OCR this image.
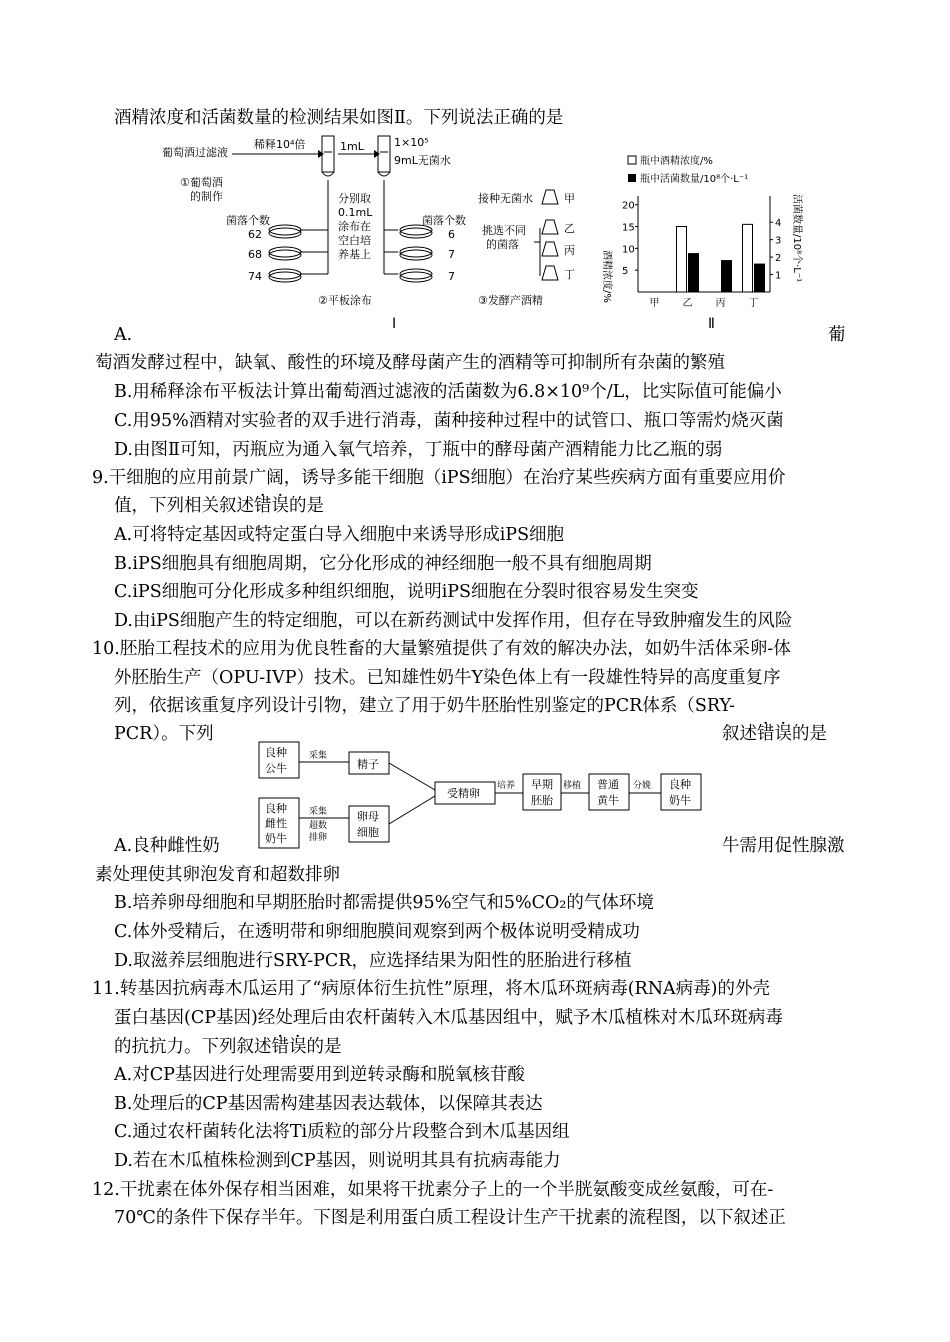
酒精浓度和活菌数量的检测结果如图Ⅱ。下列说法正确的是
A.	葡
萄酒发酵过程中，缺氧、酸性的环境及酵母菌产生的酒精等可抑制所有杂菌的繁殖
B.用稀释涂布平板法计算出葡萄酒过滤液的活菌数为6.8×10⁹个/L，比实际值可能偏小
C.用95%酒精对实验者的双手进行消毒，菌种接种过程中的试管口、瓶口等需灼烧灭菌
D.由图Ⅱ可知，丙瓶应为通入氧气培养，丁瓶中的酵母菌产酒精能力比乙瓶的弱
9.干细胞的应用前景广阔，诱导多能干细胞（iPS细胞）在治疗某些疾病方面有重要应用价
值，下列相关叙述错误的是
A.可将特定基因或特定蛋白导入细胞中来诱导形成iPS细胞
B.iPS细胞具有细胞周期，它分化形成的神经细胞一般不具有细胞周期
C.iPS细胞可分化形成多种组织细胞，说明iPS细胞在分裂时很容易发生突变
D.由iPS细胞产生的特定细胞，可以在新药测试中发挥作用，但存在导致肿瘤发生的风险
10.胚胎工程技术的应用为优良牲畜的大量繁殖提供了有效的解决办法，如奶牛活体采卵-体
外胚胎生产（OPU-IVP）技术。已知雄性奶牛Y染色体上有一段雄性特异的高度重复序
列，依据该重复序列设计引物，建立了用于奶牛胚胎性别鉴定的PCR体系（SRY-
PCR）。下列	叙述错误的是
A.良种雌性奶	牛需用促性腺激
素处理使其卵泡发育和超数排卵
B.培养卵母细胞和早期胚胎时都需提供95%空气和5%CO₂的气体环境
C.体外受精后，在透明带和卵细胞膜间观察到两个极体说明受精成功
D.取滋养层细胞进行SRY-PCR，应选择结果为阳性的胚胎进行移植
11.转基因抗病毒木瓜运用了“病原体衍生抗性”原理，将木瓜环斑病毒(RNA病毒)的外壳
蛋白基因(CP基因)经处理后由农杆菌转入木瓜基因组中，赋予木瓜植株对木瓜环斑病毒
的抗抗力。下列叙述错误的是
A.对CP基因进行处理需要用到逆转录酶和脱氧核苷酸
B.处理后的CP基因需构建基因表达载体，以保障其表达
C.通过农杆菌转化法将Ti质粒的部分片段整合到木瓜基因组
D.若在木瓜植株检测到CP基因，则说明其具有抗病毒能力
12.干扰素在体外保存相当困难，如果将干扰素分子上的一个半胱氨酸变成丝氨酸，可在-
70℃的条件下保存半年。下图是利用蛋白质工程设计生产干扰素的流程图，以下叙述正
葡萄酒过滤液
稀释10⁴倍	1mL	1×10⁵
9mL无菌水
①葡萄酒
的制作	分别取
0.1mL
涂布在
空白培
养基上
菌落个数
62
68
74
菌落个数
6
7
7
②平板涂布
Ⅰ
接种无菌水	甲
挑选不同
的菌落
乙
丙
丁
③发酵产酒精
瓶中酒精浓度/%
瓶中活菌数量/10⁸个·L⁻¹
5
10
15
20
1
2
3
4
甲 乙 丙 丁
酒精浓度/%	活菌数量/10⁸个·L⁻¹
Ⅱ
良种
公牛
采集
精子
良种
雌性
奶牛
采集
超数
排卵
卵母
细胞
受精卵
培养 早期
胚胎
移植 普通
黄牛
分娩 良种
奶牛
